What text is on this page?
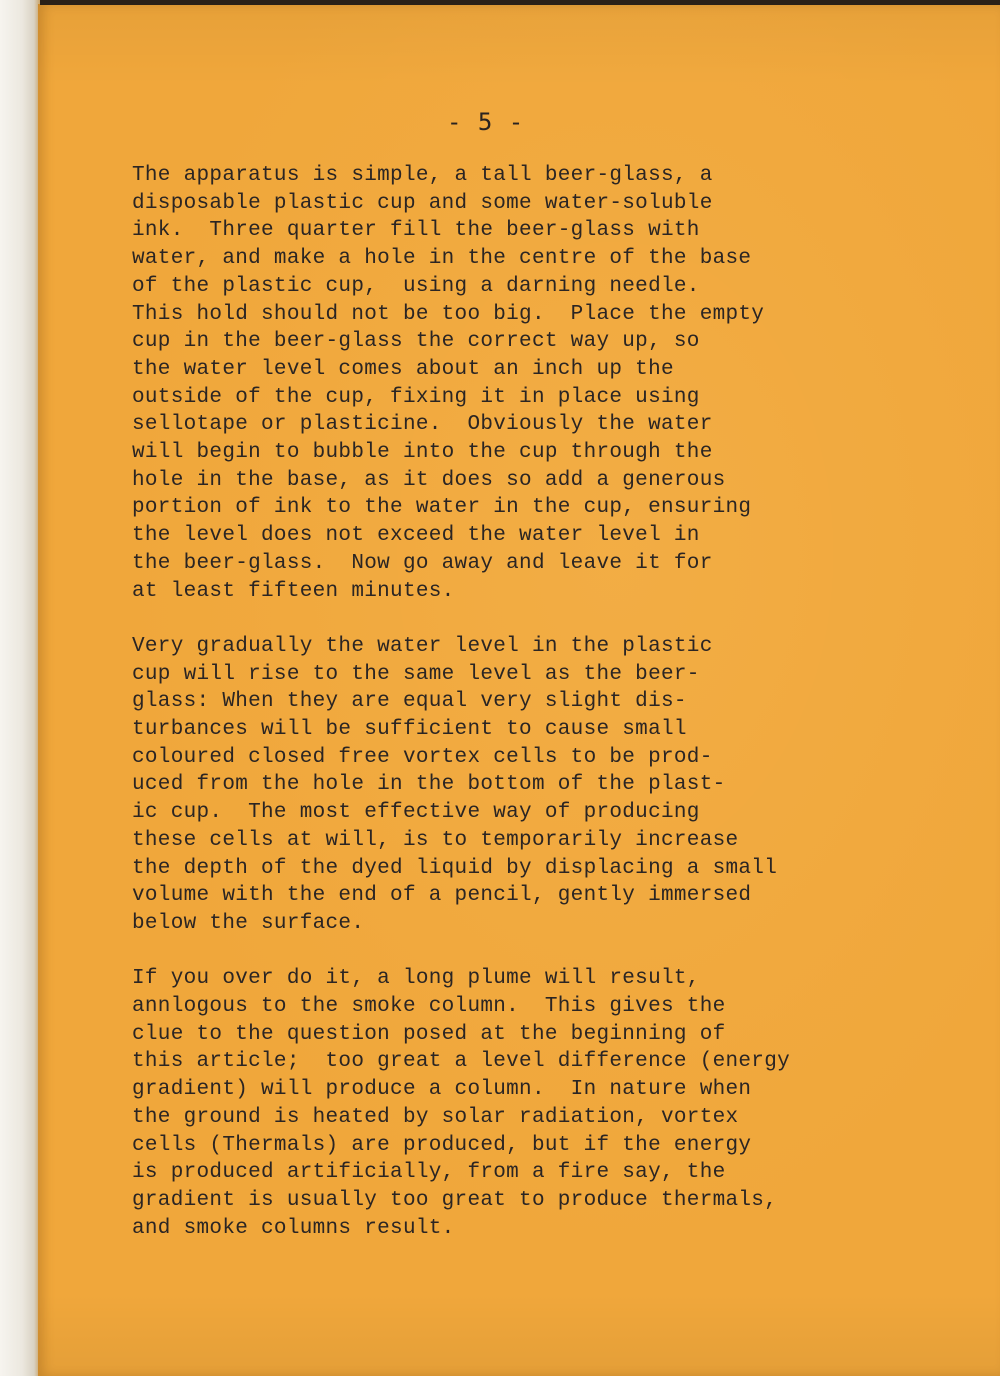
- 5 -
The apparatus is simple, a tall beer-glass, a
disposable plastic cup and some water-soluble
ink.  Three quarter fill the beer-glass with
water, and make a hole in the centre of the base
of the plastic cup,  using a darning needle.
This hold should not be too big.  Place the empty
cup in the beer-glass the correct way up, so
the water level comes about an inch up the
outside of the cup, fixing it in place using
sellotape or plasticine.  Obviously the water
will begin to bubble into the cup through the
hole in the base, as it does so add a generous
portion of ink to the water in the cup, ensuring
the level does not exceed the water level in
the beer-glass.  Now go away and leave it for
at least fifteen minutes.
Very gradually the water level in the plastic
cup will rise to the same level as the beer-
glass: When they are equal very slight dis-
turbances will be sufficient to cause small
coloured closed free vortex cells to be prod-
uced from the hole in the bottom of the plast-
ic cup.  The most effective way of producing
these cells at will, is to temporarily increase
the depth of the dyed liquid by displacing a small
volume with the end of a pencil, gently immersed
below the surface.
If you over do it, a long plume will result,
annlogous to the smoke column.  This gives the
clue to the question posed at the beginning of
this article;  too great a level difference (energy
gradient) will produce a column.  In nature when
the ground is heated by solar radiation, vortex
cells (Thermals) are produced, but if the energy
is produced artificially, from a fire say, the
gradient is usually too great to produce thermals,
and smoke columns result.
